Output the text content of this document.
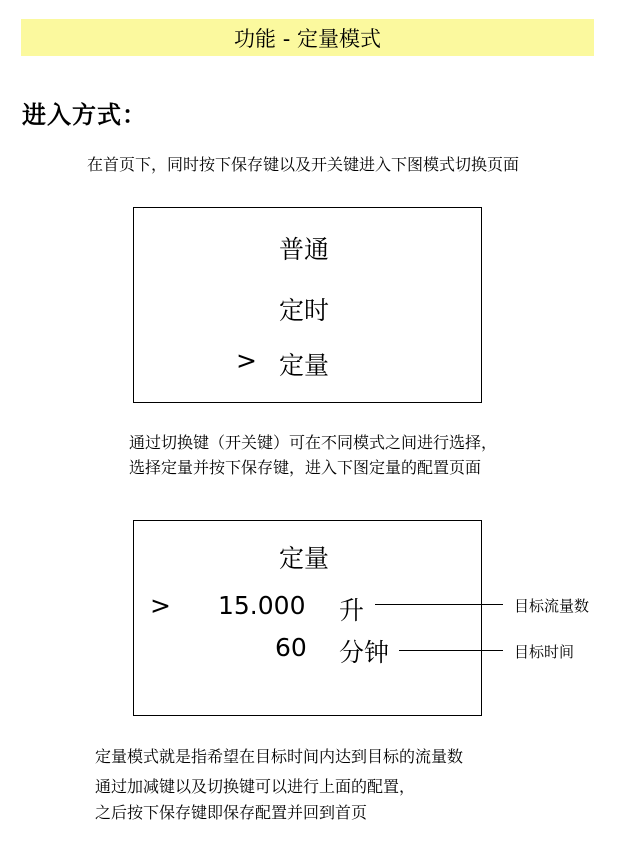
功能 - 定量模式
进入方式：
在首页下，同时按下保存键以及开关键进入下图模式切换页面
普通
定时
> 定量
通过切换键（开关键）可在不同模式之间进行选择，
选择定量并按下保存键，进入下图定量的配置页面
定量
> 15.000 升
60 分钟
目标流量数
目标时间
定量模式就是指希望在目标时间内达到目标的流量数
通过加减键以及切换键可以进行上面的配置，
之后按下保存键即保存配置并回到首页
